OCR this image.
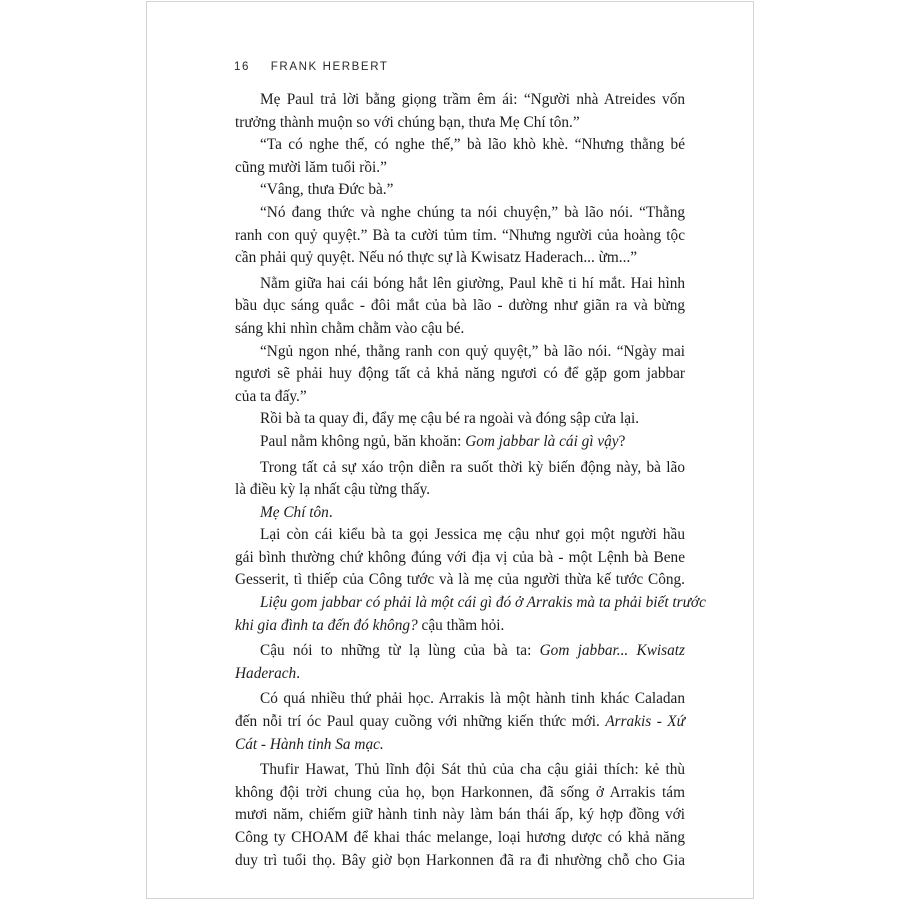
16 FRANK HERBERT
Mẹ Paul trả lời bằng giọng trầm êm ái: “Người nhà Atreides vốn
trưởng thành muộn so với chúng bạn, thưa Mẹ Chí tôn.”
“Ta có nghe thế, có nghe thế,” bà lão khò khè. “Nhưng thằng bé
cũng mười lăm tuổi rồi.”
“Vâng, thưa Đức bà.”
“Nó đang thức và nghe chúng ta nói chuyện,” bà lão nói. “Thằng
ranh con quỷ quyệt.” Bà ta cười tủm tỉm. “Nhưng người của hoàng tộc
cần phải quỷ quyệt. Nếu nó thực sự là Kwisatz Haderach... ừm...”
Nằm giữa hai cái bóng hắt lên giường, Paul khẽ ti hí mắt. Hai hình
bầu dục sáng quắc - đôi mắt của bà lão - dường như giãn ra và bừng
sáng khi nhìn chằm chằm vào cậu bé.
“Ngủ ngon nhé, thằng ranh con quỷ quyệt,” bà lão nói. “Ngày mai
ngươi sẽ phải huy động tất cả khả năng ngươi có để gặp gom jabbar
của ta đấy.”
Rồi bà ta quay đi, đẩy mẹ cậu bé ra ngoài và đóng sập cửa lại.
Paul nằm không ngủ, băn khoăn: Gom jabbar là cái gì vậy?
Trong tất cả sự xáo trộn diễn ra suốt thời kỳ biến động này, bà lão
là điều kỳ lạ nhất cậu từng thấy.
Mẹ Chí tôn.
Lại còn cái kiểu bà ta gọi Jessica mẹ cậu như gọi một người hầu
gái bình thường chứ không đúng với địa vị của bà - một Lệnh bà Bene
Gesserit, tì thiếp của Công tước và là mẹ của người thừa kế tước Công.
Liệu gom jabbar có phải là một cái gì đó ở Arrakis mà ta phải biết trước
khi gia đình ta đến đó không? cậu thầm hỏi.
Cậu nói to những từ lạ lùng của bà ta: Gom jabbar... Kwisatz
Haderach.
Có quá nhiều thứ phải học. Arrakis là một hành tinh khác Caladan
đến nỗi trí óc Paul quay cuồng với những kiến thức mới. Arrakis - Xứ
Cát - Hành tinh Sa mạc.
Thufir Hawat, Thủ lĩnh đội Sát thủ của cha cậu giải thích: kẻ thù
không đội trời chung của họ, bọn Harkonnen, đã sống ở Arrakis tám
mươi năm, chiếm giữ hành tinh này làm bán thái ấp, ký hợp đồng với
Công ty CHOAM để khai thác melange, loại hương dược có khả năng
duy trì tuổi thọ. Bây giờ bọn Harkonnen đã ra đi nhường chỗ cho Gia
